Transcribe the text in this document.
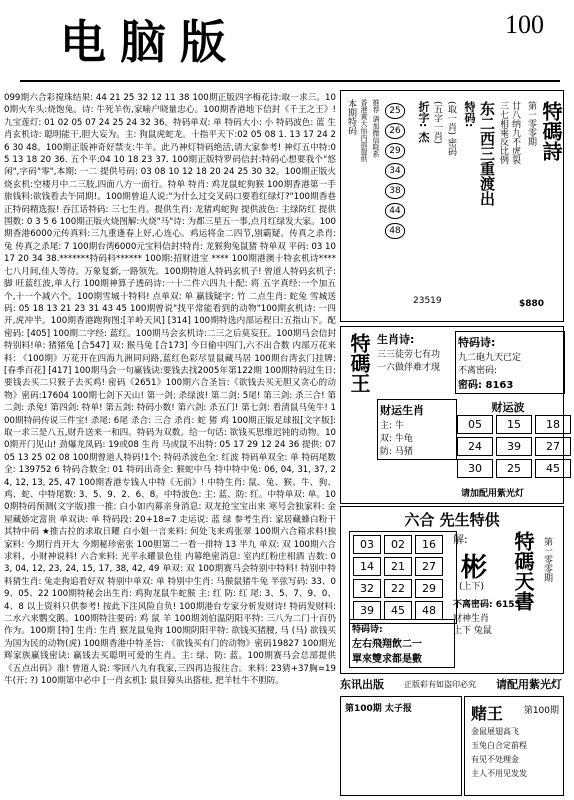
电脑版	100
099期六合彩搅珠结果: 44 21 25 32 12 11 38 100期正版四字梅花诗:取一求三。100期火车头:烧饱兔。诗: 牛死羊伤,家喻户晓量忠心。100期香港地下信封《千王之王》! 九宝莲灯: 01 02 05 07 24 25 24 32 36。特码单双: 单 特码大小: 小 特码波色: 蓝 生肖玄机诗: 聪明能干,胆大妄为。主: 狗鼠虎蛇龙。十指平天下:02 05 08 1. 13 17 24 26 30 48。100期正版神奇好禁支:牛羊。此乃神灯特码绝活,请大家参考! 神灯五中特:05 13 18 20 36. 五个平:04 10 18 23 37. 100期正版特罗码信封:特码心想要我个"悠闲",字码"零",本期: 一二 提供号码: 03 08 10 12 18 20 24 25 30 32。100期正版火烧玄机:空楼月中二三肢,四面八方一面行。特单 特肖: 鸡龙鼠蛇狗猴 100期香港第一手旅钱料:欲钱看去午同期!。100期曾追人说:"为什么过交叉码口要看红绿灯?"100期香巷正特码精选报! 吞江话特码: 三七生肖。提供生肖: 龙猪鸡蛇狗 提供波色: 主绿防红 提供围数: 0 3 5 6 100期正版火烧图解:火烧"马"诗: 为都三星五一事,点月红绿发大家。100期香港6000元传真料:三九重逢春上好,心连心。鸡运将金二四节,别霸疑。传真之杀肖: 兔 传真之杀尾: 7 100期台湾6000元宝料信封!特肖: 龙猴狗兔鼠猪 特单双 平码: 03 10 17 20 34 38.*******特码料****** 100期:招财进宝 **** 100期港澳十特玄机诗****七八月间,佳人等待。万象复新,一路领先。100期特道人特码玄机子! 曾道人特码玄机子: 脚 旺蓝红波,单人行 100期神算子透码诗:一十二件六四九十配: 将 五字真经:一个加五个,十一个减六个。100期雪城十特料! 点单双: 单 赢钱疑字: 竹 二点生肖: 蛇兔 雪城送码: 05 18 13 21 23 31 43 45 100期曾说"找平常能看到的动物"100期玄机诗: 一四开,虎冲半。100期香港跑狗图:[羊岭天风] [314] 100期特选内部运程日:五指山下。配密码: [405] 100期二字经: 蓝红。100期马会玄机诗:二三之后莫妄狂。100期马会信封特别料!单: 猪猪兔 [合547] 双: 猴马兔 [合173] 今日偷中四门,六不出合数 内部万花来料: 《100期》万花开在四海九洲同问路,蓝红色彩尽显鼠藏马居 100期台湾玄门挂牌:[春季百花] [417] 100期马会一句赢钱诀:要钱去找2005年第122期 100期特码过生日:要钱去买二只猴子去买鸡! 密码《2651》100期六合圣旨:《欲钱去买无胆又贪心的动物》密码:17604 100期七剑下天山! 第一剑: 杀绿波! 第二剑: 5尾! 第三剑: 杀三合! 第二剑: 杀兔! 第四剑: 特单! 第五剑: 特码小数! 第六剑: 杀五门! 第七剑: 看清鼠马兔牛! 100期特码传说三件宝! 杀尾: 6尾 杀合: 三合 杀肖: 蛇 猪 鸡 100期正版足球报[文字版]: 取一求三是八五,财升送来一和四。特码为双数。给一句话: 欲钱买思维迟钝的动物。100期开门见山! 劲爆龙凤码: 19或08 生肖 马或鼠不出特: 05 17 29 12 24 36 提供: 07 05 13 25 02 08 100期曾道人特码!1个: 特码杀波色全: 红波 特码单双全: 单 特码尾数全: 139752 6 特码合数全: 01 特码出奇全: 猴蛇中马 特中特中兔: 06, 04, 31, 37, 24, 12, 13, 25, 47 100期香港专钱人中特《无前》! 中特生肖: 鼠、兔、猴、牛、狗、鸡、蛇、中特尾数: 3、5、9、2、6、8。中特波色: 主: 蓝、防: 红。中特单双: 单。100期特码预测(文字版)推一推: 白小如内幕亲身消息: 双龙抢宝宝出来 寒号会独家料: 金屋藏娇定富贵 单双诀: 单 特码段: 20+18=7 走运说: 蓝 绿 参考生肖: 家居藏蜂白粉干 其特中码 ★推古拉的求取日曜 白小姐一言来料: 何处飞来鸡张翠 100期六合箱求料!独家料: 今期行肖开大 今期秘珍密张 100胆第二一看一排特 13 半九 单双: 双 100期六合求料、小财神说料! 六合来料: 光平永耀景色佳 内幕绝密消息: 室内红粉庄相酒 吉数: 03, 04, 12, 23, 24, 15, 17, 38, 42, 49 单双: 双 100期赛马会特别中特料! 特别中特料猜生肖: 兔走狗追看好双 特别中单双: 单 特别中生肖: 马猴鼠猪牛兔 半弦写码: 33、09、05、22 100期特秘会出生肖: 鸡狗龙鼠牛蛇猴 主: 红 防: 红 尾: 3、5、7、9、0、4、8 以上资料只供参考! 按此下注风险自负! 100期港台专家分析发财诗! 特码发财料: 二水六来鹦交鹅。100期特注要码: 鸡 鼠 羊 100期刘伯温阴阳平特: 三八为二门十百仍作为。100期 [特] 生肖: 生肖 猴龙鼠兔狗 100期阴阳平特: 欲钱买猪腰, 马 (马) 欲钱买为国为民的动物(虎) 100期香港中特圣旨: 《欲钱买有门的动物》密码19827 100期光辉家族赢钱密诀: 赢钱去买聪明可爱的生肖。主: 绿、防: 蓝。100期赛马会总部提供《五点出码》准! 曾道人说: 零回八九有我家,三四再边报往合。来料: 23猜+37胸=19牛(开: ?) 100期第中必中 [一肖玄机]: 鼠目獐头出搭桂, 把羊牡牛不胆防。
本期特码 香港黄大仙内部提供 推荐 请加微信联系	25
26
29
34
38
44
48
折字: 杰 (五字一肖) (取一肖) 密码
23519
特码: 东二西三重渡出 三七相乘反比例 廿八纳九不虎裂 第一零零期 特碼詩
$880
特碼王 生肖诗:
三三徒劳七有功
一六做伴难才现
特码诗:
九二砲九天已定
不离密码:
密码: 8163
财运生肖
主: 牛
双: 牛龟
防: 马猪
财运波
05	15	18
24	39	27
30	25	45
请加配用紫光灯
六合 先生特供
03	02	16
14	21	27
32	22	29
39	45	48
解:
彬
(上下) 特碼天書 第一零零期
不离密码: 6153
财神生肖
上下 兔鼠
特码诗:
左右飛翔飲二一
單來雙求都是數
东讯出版	正版彩有如盗印必究 请配用紫光灯
第100期 太子报	赌王 第100期
金鼠展翅高飞
玉兔白合定前程
有见不处理金
主人不用见发发
